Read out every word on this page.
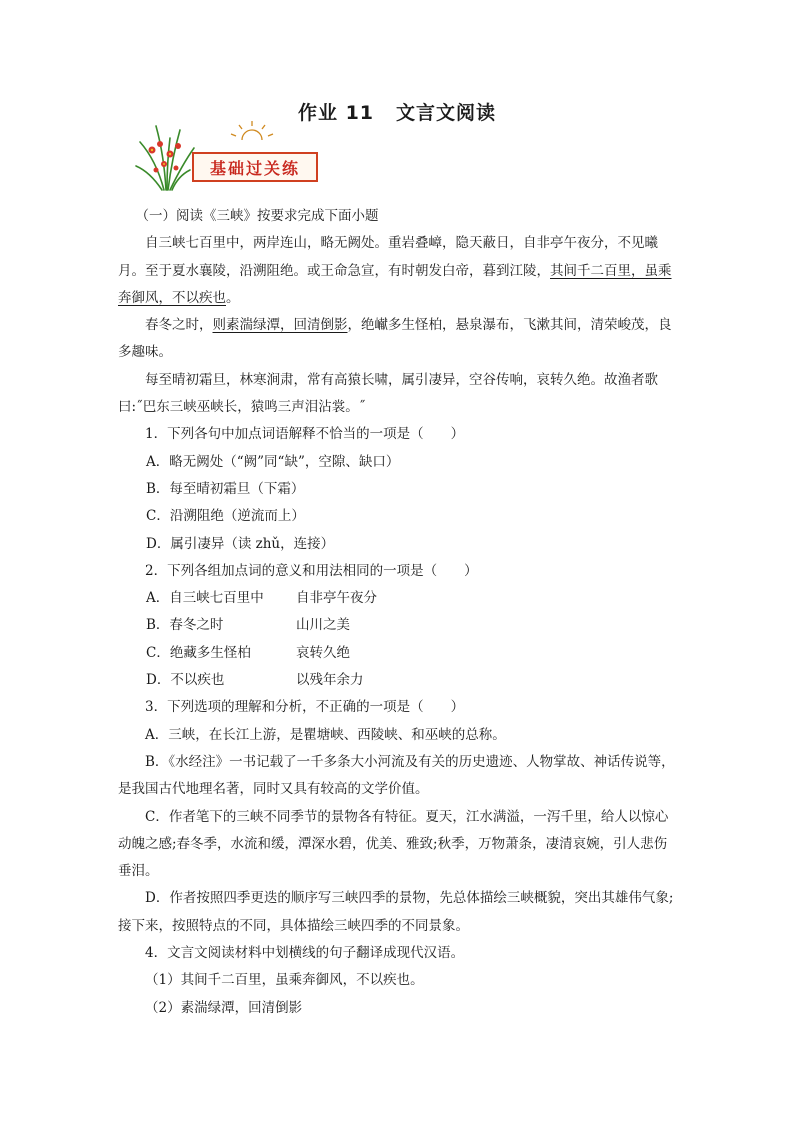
作业 11 文言文阅读
基础过关练

（一）阅读《三峡》按要求完成下面小题

自三峡七百里中，两岸连山，略无阙处。重岩叠嶂，隐天蔽日，自非亭午夜分，不见曦月。至于夏水襄陵，沿溯阻绝。或王命急宣，有时朝发白帝，暮到江陵，其间千二百里，虽乘奔御风，不以疾也。

春冬之时，则素湍绿潭，回清倒影，绝𪩘多生怪柏，悬泉瀑布，飞漱其间，清荣峻茂，良多趣味。

每至晴初霜旦，林寒涧肃，常有高猿长啸，属引凄异，空谷传响，哀转久绝。故渔者歌曰:˝巴东三峡巫峡长，猿鸣三声泪沾裳。˝

1．下列各句中加点词语解释不恰当的一项是（　　）

A．略无阙处（“阙”同“缺”，空隙、缺口）

B．每至晴初霜旦（下霜）

C．沿溯阻绝（逆流而上）

D．属引凄异（读 zhǔ，连接）

2．下列各组加点词的意义和用法相同的一项是（　　）

A．自三峡七百里中 自非亭午夜分

B．春冬之时	山川之美

C．绝藏多生怪柏	哀转久绝

D．不以疾也	以残年余力

3．下列选项的理解和分析，不正确的一项是（　　）

A．三峡，在长江上游，是瞿塘峡、西陵峡、和巫峡的总称。

B．《水经注》一书记载了一千多条大小河流及有关的历史遗迹、人物掌故、神话传说等，是我国古代地理名著，同时又具有较高的文学价值。

C．作者笔下的三峡不同季节的景物各有特征。夏天，江水满溢，一泻千里，给人以惊心动魄之感;春冬季，水流和缓，潭深水碧，优美、雅致;秋季，万物萧条，凄清哀婉，引人悲伤垂泪。

D．作者按照四季更迭的顺序写三峡四季的景物，先总体描绘三峡概貌，突出其雄伟气象;接下来，按照特点的不同，具体描绘三峡四季的不同景象。

4．文言文阅读材料中划横线的句子翻译成现代汉语。

（1）其间千二百里，虽乘奔御风，不以疾也。

（2）素湍绿潭，回清倒影
